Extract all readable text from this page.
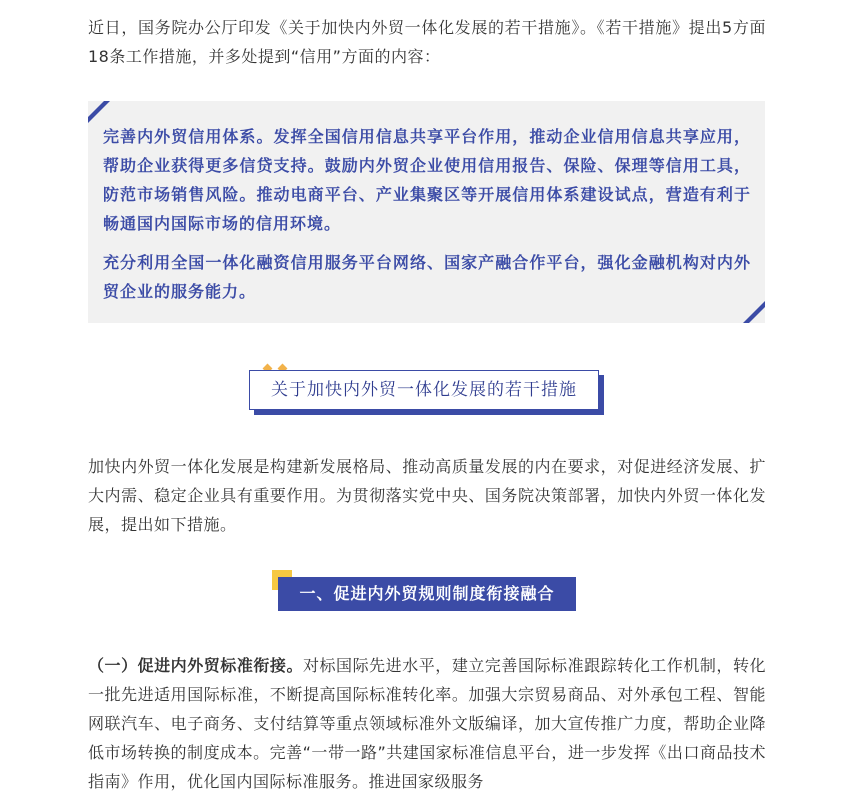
近日，国务院办公厅印发《关于加快内外贸一体化发展的若干措施》。《若干措施》提出5方面18条工作措施，并多处提到“信用”方面的内容：

完善内外贸信用体系。发挥全国信用信息共享平台作用，推动企业信用信息共享应用，帮助企业获得更多信贷支持。鼓励内外贸企业使用信用报告、保险、保理等信用工具，防范市场销售风险。推动电商平台、产业集聚区等开展信用体系建设试点，营造有利于畅通国内国际市场的信用环境。

充分利用全国一体化融资信用服务平台网络、国家产融合作平台，强化金融机构对内外贸企业的服务能力。

关于加快内外贸一体化发展的若干措施

加快内外贸一体化发展是构建新发展格局、推动高质量发展的内在要求，对促进经济发展、扩大内需、稳定企业具有重要作用。为贯彻落实党中央、国务院决策部署，加快内外贸一体化发展，提出如下措施。

一、促进内外贸规则制度衔接融合

（一）促进内外贸标准衔接。对标国际先进水平，建立完善国际标准跟踪转化工作机制，转化一批先进适用国际标准，不断提高国际标准转化率。加强大宗贸易商品、对外承包工程、智能网联汽车、电子商务、支付结算等重点领域标准外文版编译，加大宣传推广力度，帮助企业降低市场转换的制度成本。完善“一带一路”共建国家标准信息平台，进一步发挥《出口商品技术指南》作用，优化国内国际标准服务。推进国家级服务
